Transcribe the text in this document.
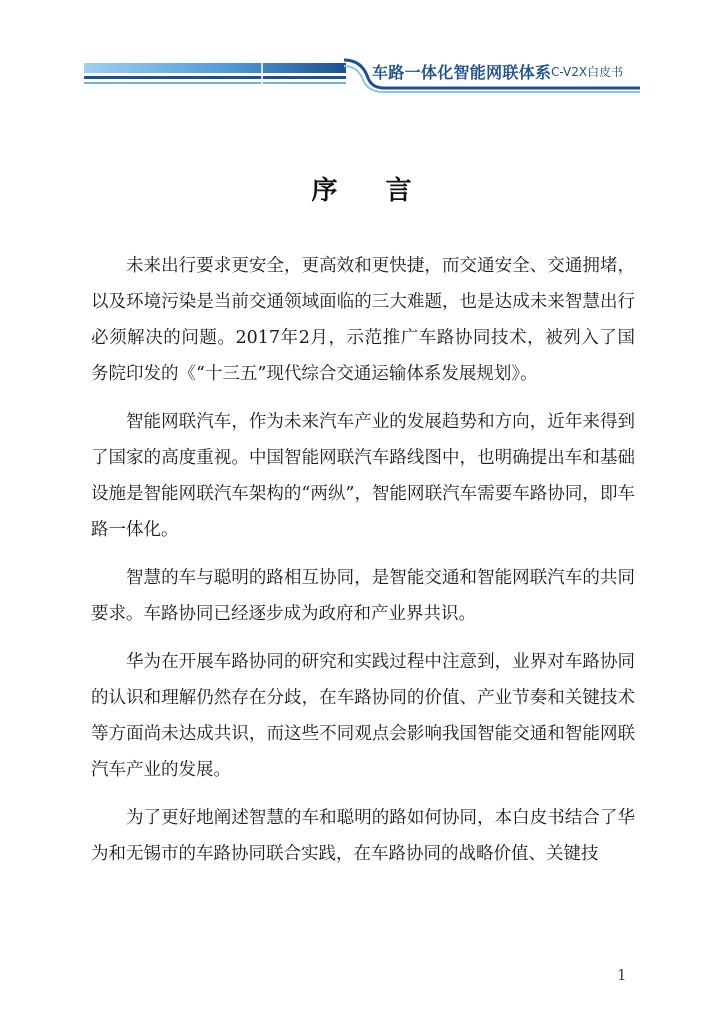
车路一体化智能网联体系 C-V2X白皮书
序言

未来出行要求更安全，更高效和更快捷，而交通安全、交通拥堵，以及环境污染是当前交通领域面临的三大难题，也是达成未来智慧出行必须解决的问题。2017年2月，示范推广车路协同技术，被列入了国务院印发的《“十三五”现代综合交通运输体系发展规划》。

智能网联汽车，作为未来汽车产业的发展趋势和方向，近年来得到了国家的高度重视。中国智能网联汽车路线图中，也明确提出车和基础设施是智能网联汽车架构的“两纵”，智能网联汽车需要车路协同，即车路一体化。

智慧的车与聪明的路相互协同，是智能交通和智能网联汽车的共同要求。车路协同已经逐步成为政府和产业界共识。

华为在开展车路协同的研究和实践过程中注意到，业界对车路协同的认识和理解仍然存在分歧，在车路协同的价值、产业节奏和关键技术等方面尚未达成共识，而这些不同观点会影响我国智能交通和智能网联汽车产业的发展。

为了更好地阐述智慧的车和聪明的路如何协同，本白皮书结合了华为和无锡市的车路协同联合实践，在车路协同的战略价值、关键技

1
